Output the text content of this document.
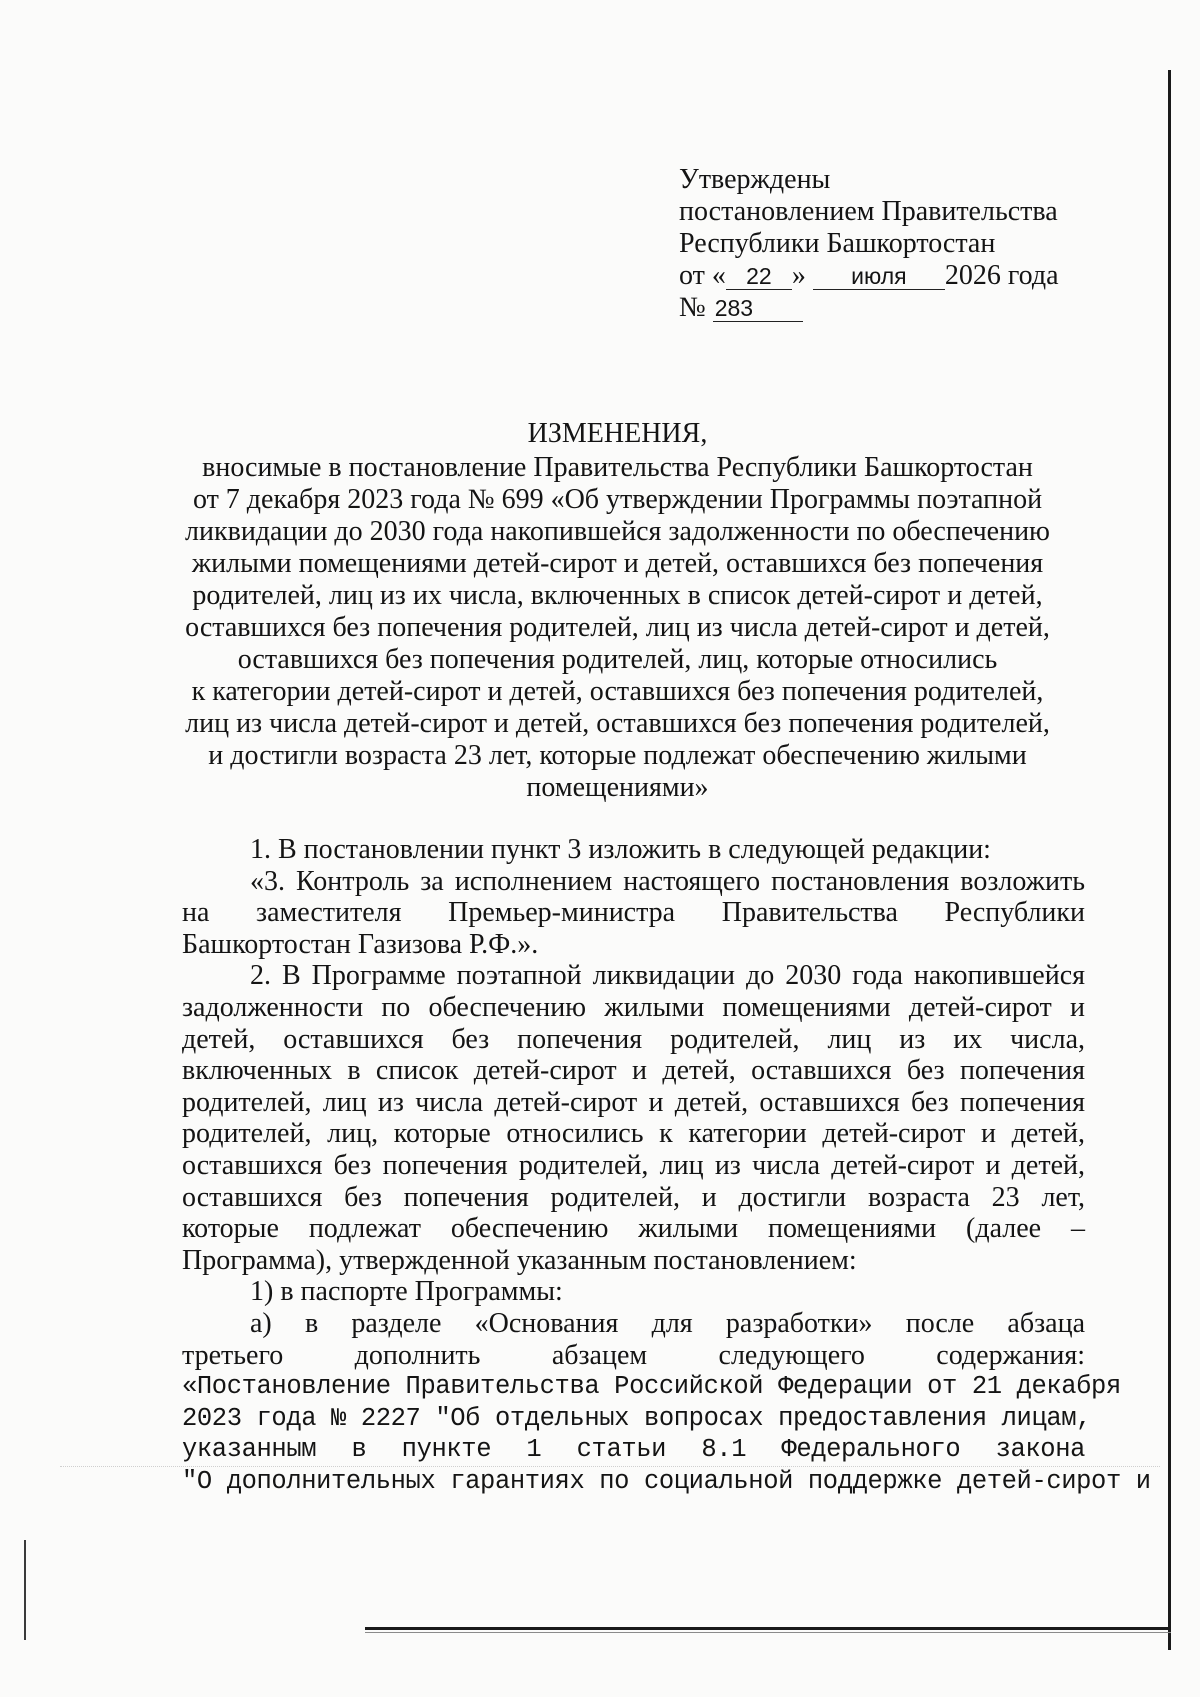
Утверждены
постановлением Правительства
Республики Башкортостан
от « 22 » июля 2026 года
№ 283
ИЗМЕНЕНИЯ,
вносимые в постановление Правительства Республики Башкортостан
от 7 декабря 2023 года № 699 «Об утверждении Программы поэтапной
ликвидации до 2030 года накопившейся задолженности по обеспечению
жилыми помещениями детей-сирот и детей, оставшихся без попечения
родителей, лиц из их числа, включенных в список детей-сирот и детей,
оставшихся без попечения родителей, лиц из числа детей-сирот и детей,
оставшихся без попечения родителей, лиц, которые относились
к категории детей-сирот и детей, оставшихся без попечения родителей,
лиц из числа детей-сирот и детей, оставшихся без попечения родителей,
и достигли возраста 23 лет, которые подлежат обеспечению жилыми
помещениями»
1. В постановлении пункт 3 изложить в следующей редакции:
«3. Контроль за исполнением настоящего постановления возложить
на заместителя Премьер-министра Правительства Республики
Башкортостан Газизова Р.Ф.».
2. В Программе поэтапной ликвидации до 2030 года накопившейся
задолженности по обеспечению жилыми помещениями детей-сирот и
детей, оставшихся без попечения родителей, лиц из их числа,
включенных в список детей-сирот и детей, оставшихся без попечения
родителей, лиц из числа детей-сирот и детей, оставшихся без попечения
родителей, лиц, которые относились к категории детей-сирот и детей,
оставшихся без попечения родителей, лиц из числа детей-сирот и детей,
оставшихся без попечения родителей, и достигли возраста 23 лет,
которые подлежат обеспечению жилыми помещениями (далее –
Программа), утвержденной указанным постановлением:
1) в паспорте Программы:
а) в разделе «Основания для разработки» после абзаца
третьего дополнить абзацем следующего содержания:
«Постановление Правительства Российской Федерации от 21 декабря
2023 года № 2227 "Об отдельных вопросах предоставления лицам,
указанным в пункте 1 статьи 8.1 Федерального закона
"О дополнительных гарантиях по социальной поддержке детей-сирот и
